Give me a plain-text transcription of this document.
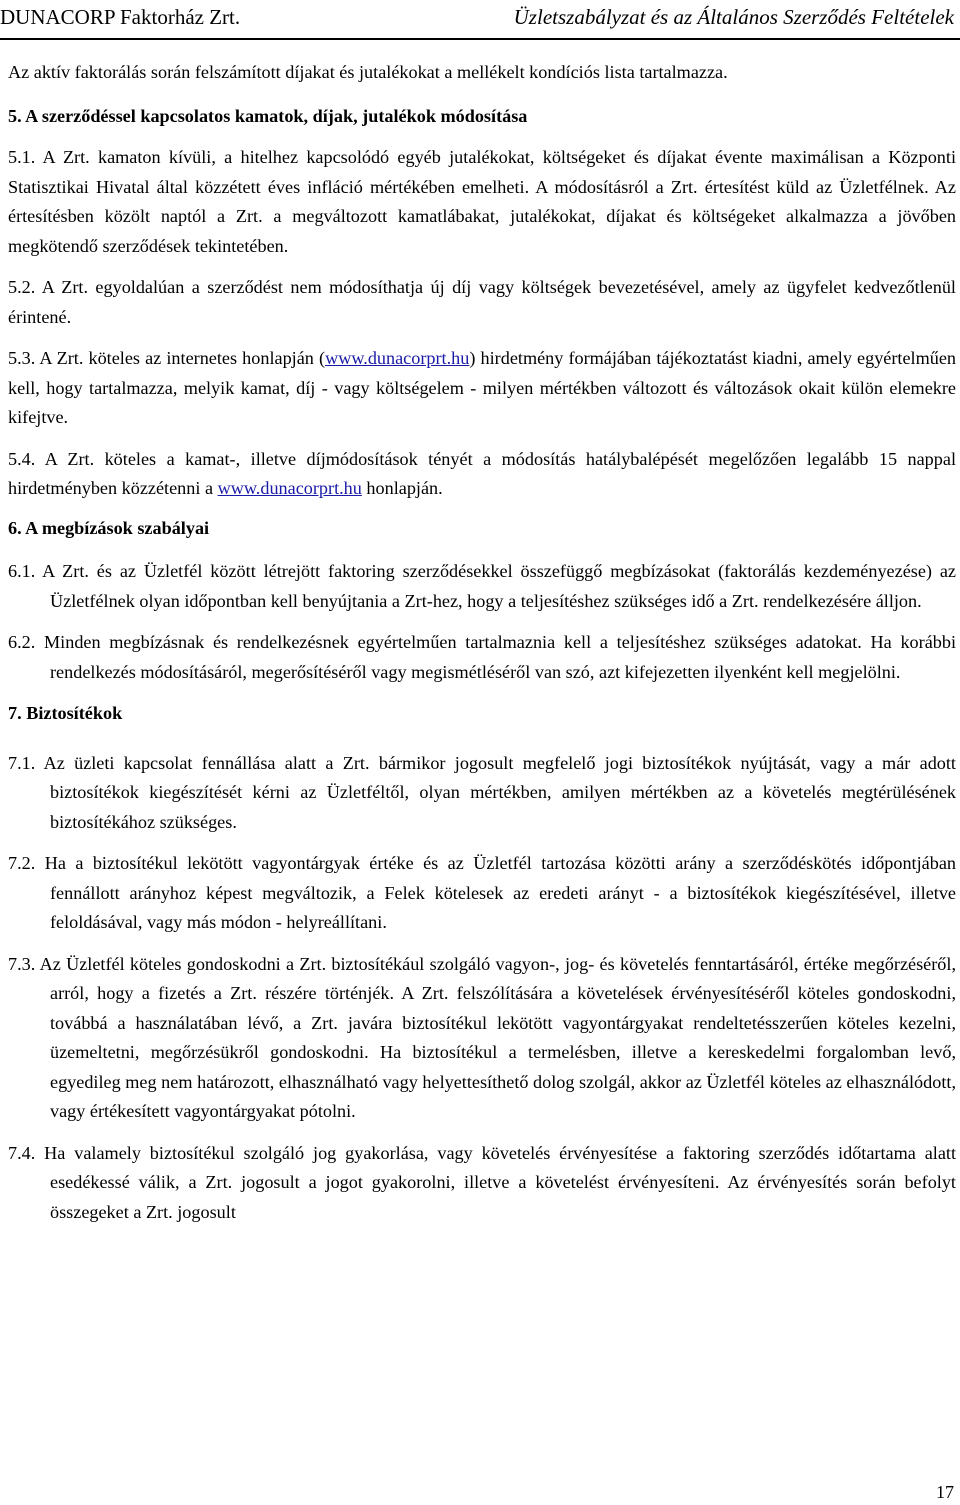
DUNACORP Faktorház Zrt.	Üzletszabályzat és az Általános Szerződés Feltételek

Az aktív faktorálás során felszámított díjakat és jutalékokat a mellékelt kondíciós lista tartalmazza.

5. A szerződéssel kapcsolatos kamatok, díjak, jutalékok módosítása

5.1. A Zrt. kamaton kívüli, a hitelhez kapcsolódó egyéb jutalékokat, költségeket és díjakat évente maximálisan a Központi Statisztikai Hivatal által közzétett éves infláció mértékében emelheti. A módosításról a Zrt. értesítést küld az Üzletfélnek. Az értesítésben közölt naptól a Zrt. a megváltozott kamatlábakat, jutalékokat, díjakat és költségeket alkalmazza a jövőben megkötendő szerződések tekintetében.

5.2. A Zrt. egyoldalúan a szerződést nem módosíthatja új díj vagy költségek bevezetésével, amely az ügyfelet kedvezőtlenül érintené.

5.3. A Zrt. köteles az internetes honlapján (www.dunacorprt.hu) hirdetmény formájában tájékoztatást kiadni, amely egyértelműen kell, hogy tartalmazza, melyik kamat, díj - vagy költségelem - milyen mértékben változott és változások okait külön elemekre kifejtve.

5.4. A Zrt. köteles a kamat-, illetve díjmódosítások tényét a módosítás hatálybalépését megelőzően legalább 15 nappal hirdetményben közzétenni a www.dunacorprt.hu honlapján.

6. A megbízások szabályai

6.1. A Zrt. és az Üzletfél között létrejött faktoring szerződésekkel összefüggő megbízásokat (faktorálás kezdeményezése) az Üzletfélnek olyan időpontban kell benyújtania a Zrt-hez, hogy a teljesítéshez szükséges idő a Zrt. rendelkezésére álljon.

6.2. Minden megbízásnak és rendelkezésnek egyértelműen tartalmaznia kell a teljesítéshez szükséges adatokat. Ha korábbi rendelkezés módosításáról, megerősítéséről vagy megismétléséről van szó, azt kifejezetten ilyenként kell megjelölni.

7. Biztosítékok

7.1. Az üzleti kapcsolat fennállása alatt a Zrt. bármikor jogosult megfelelő jogi biztosítékok nyújtását, vagy a már adott biztosítékok kiegészítését kérni az Üzletféltől, olyan mértékben, amilyen mértékben az a követelés megtérülésének biztosítékához szükséges.

7.2. Ha a biztosítékul lekötött vagyontárgyak értéke és az Üzletfél tartozása közötti arány a szerződéskötés időpontjában fennállott arányhoz képest megváltozik, a Felek kötelesek az eredeti arányt - a biztosítékok kiegészítésével, illetve feloldásával, vagy más módon - helyreállítani.

7.3. Az Üzletfél köteles gondoskodni a Zrt. biztosítékául szolgáló vagyon-, jog- és követelés fenntartásáról, értéke megőrzéséről, arról, hogy a fizetés a Zrt. részére történjék. A Zrt. felszólítására a követelések érvényesítéséről köteles gondoskodni, továbbá a használatában lévő, a Zrt. javára biztosítékul lekötött vagyontárgyakat rendeltetésszerűen köteles kezelni, üzemeltetni, megőrzésükről gondoskodni. Ha biztosítékul a termelésben, illetve a kereskedelmi forgalomban levő, egyedileg meg nem határozott, elhasználható vagy helyettesíthető dolog szolgál, akkor az Üzletfél köteles az elhasználódott, vagy értékesített vagyontárgyakat pótolni.

7.4. Ha valamely biztosítékul szolgáló jog gyakorlása, vagy követelés érvényesítése a faktoring szerződés időtartama alatt esedékessé válik, a Zrt. jogosult a jogot gyakorolni, illetve a követelést érvényesíteni. Az érvényesítés során befolyt összegeket a Zrt. jogosult

17
